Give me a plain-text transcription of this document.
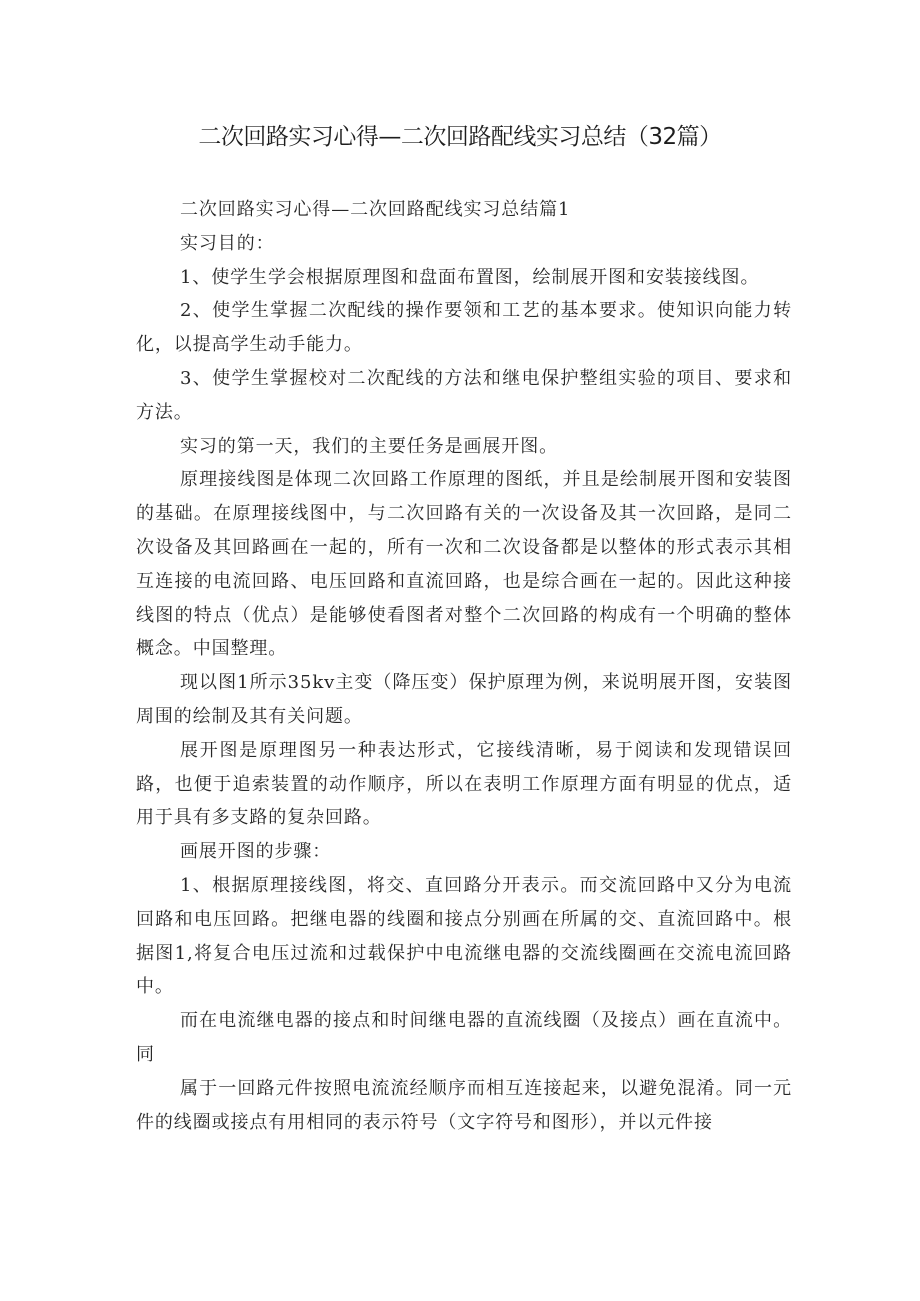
二次回路实习心得—二次回路配线实习总结（32篇）

二次回路实习心得—二次回路配线实习总结篇1

实习目的：

1、使学生学会根据原理图和盘面布置图，绘制展开图和安装接线图。

2、使学生掌握二次配线的操作要领和工艺的基本要求。使知识向能力转化，以提高学生动手能力。

3、使学生掌握校对二次配线的方法和继电保护整组实验的项目、要求和方法。

实习的第一天，我们的主要任务是画展开图。

原理接线图是体现二次回路工作原理的图纸，并且是绘制展开图和安装图的基础。在原理接线图中，与二次回路有关的一次设备及其一次回路，是同二次设备及其回路画在一起的，所有一次和二次设备都是以整体的形式表示其相互连接的电流回路、电压回路和直流回路，也是综合画在一起的。因此这种接线图的特点（优点）是能够使看图者对整个二次回路的构成有一个明确的整体概念。中国整理。

现以图1所示35kv主变（降压变）保护原理为例，来说明展开图，安装图周围的绘制及其有关问题。

展开图是原理图另一种表达形式，它接线清晰，易于阅读和发现错误回路，也便于追索装置的动作顺序，所以在表明工作原理方面有明显的优点，适用于具有多支路的复杂回路。

画展开图的步骤：

1、根据原理接线图，将交、直回路分开表示。而交流回路中又分为电流回路和电压回路。把继电器的线圈和接点分别画在所属的交、直流回路中。根据图1,将复合电压过流和过载保护中电流继电器的交流线圈画在交流电流回路中。

而在电流继电器的接点和时间继电器的直流线圈（及接点）画在直流中。同

属于一回路元件按照电流流经顺序而相互连接起来，以避免混淆。同一元件的线圈或接点有用相同的表示符号（文字符号和图形），并以元件接
